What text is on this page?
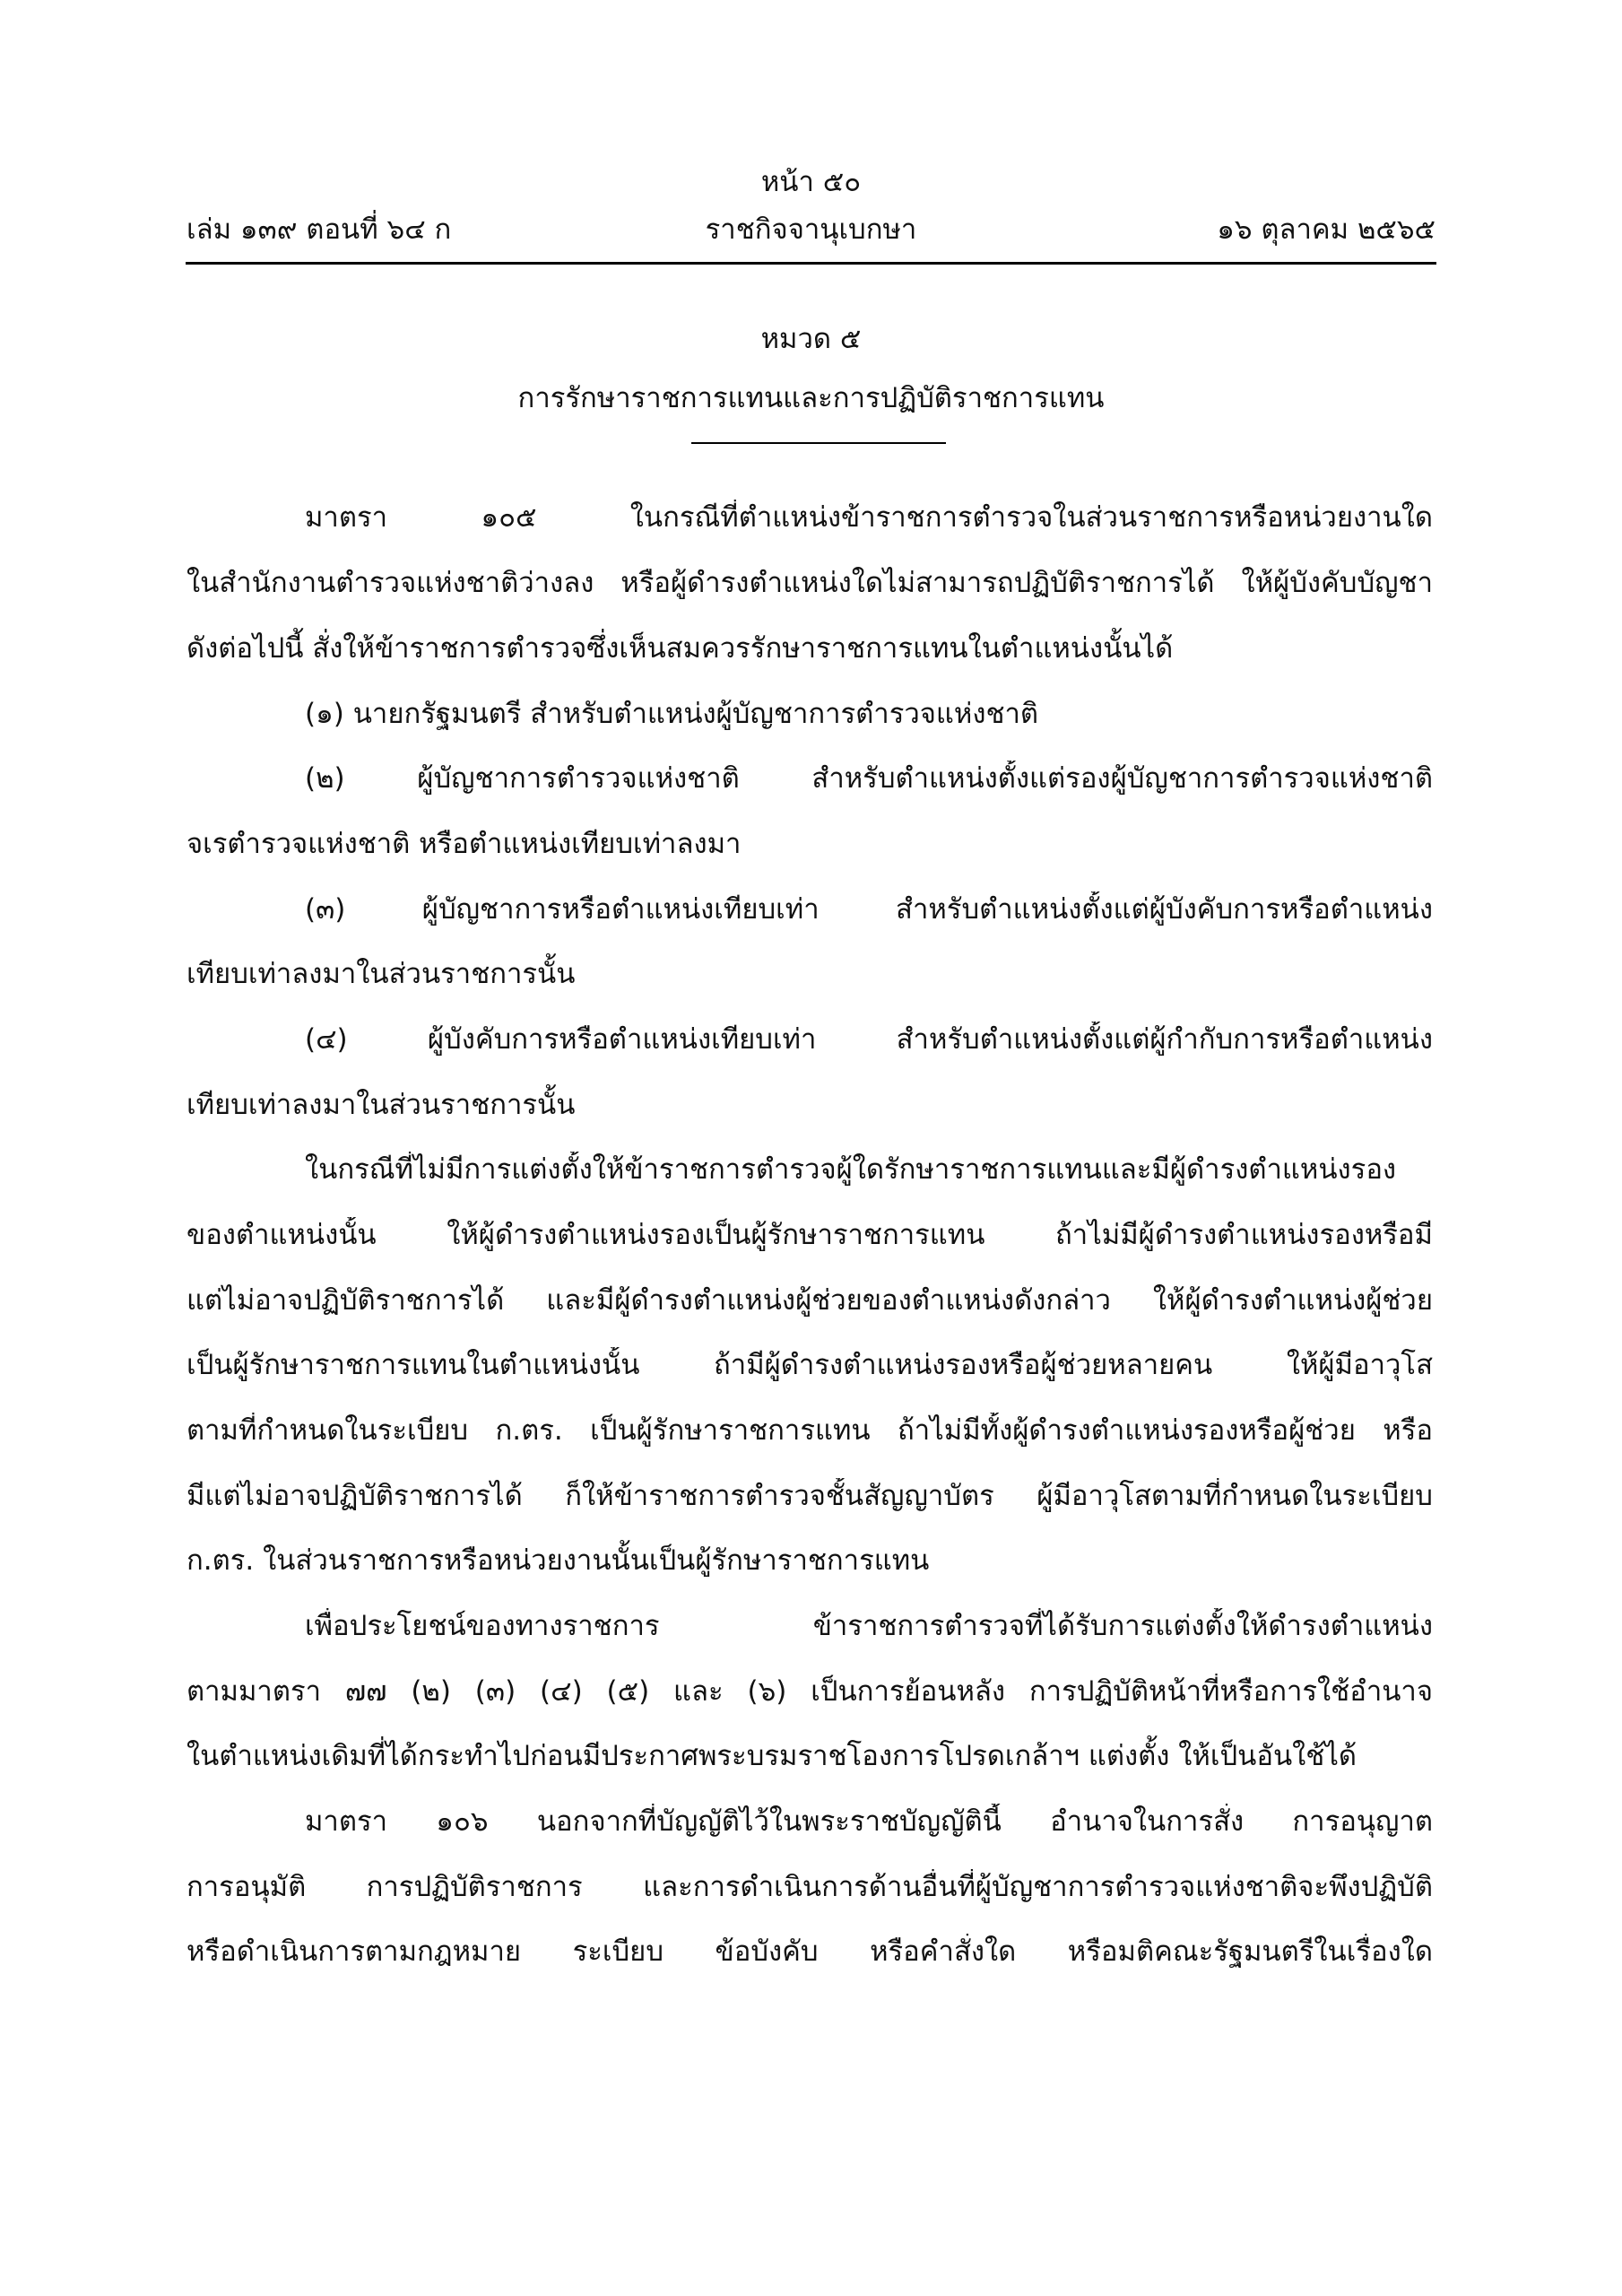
หน้า ๕๐
เล่ม ๑๓๙ ตอนที่ ๖๔ ก	ราชกิจจานุเบกษา	๑๖ ตุลาคม ๒๕๖๕
หมวด ๕
การรักษาราชการแทนและการปฏิบัติราชการแทน
มาตรา ๑๐๕ ในกรณีที่ตำแหน่งข้าราชการตำรวจในส่วนราชการหรือหน่วยงานใด
ในสำนักงานตำรวจแห่งชาติว่างลง หรือผู้ดำรงตำแหน่งใดไม่สามารถปฏิบัติราชการได้ ให้ผู้บังคับบัญชา
ดังต่อไปนี้ สั่งให้ข้าราชการตำรวจซึ่งเห็นสมควรรักษาราชการแทนในตำแหน่งนั้นได้
(๑) นายกรัฐมนตรี สำหรับตำแหน่งผู้บัญชาการตำรวจแห่งชาติ
(๒) ผู้บัญชาการตำรวจแห่งชาติ สำหรับตำแหน่งตั้งแต่รองผู้บัญชาการตำรวจแห่งชาติ
จเรตำรวจแห่งชาติ หรือตำแหน่งเทียบเท่าลงมา
(๓) ผู้บัญชาการหรือตำแหน่งเทียบเท่า สำหรับตำแหน่งตั้งแต่ผู้บังคับการหรือตำแหน่ง
เทียบเท่าลงมาในส่วนราชการนั้น
(๔) ผู้บังคับการหรือตำแหน่งเทียบเท่า สำหรับตำแหน่งตั้งแต่ผู้กำกับการหรือตำแหน่ง
เทียบเท่าลงมาในส่วนราชการนั้น
ในกรณีที่ไม่มีการแต่งตั้งให้ข้าราชการตำรวจผู้ใดรักษาราชการแทนและมีผู้ดำรงตำแหน่งรอง
ของตำแหน่งนั้น ให้ผู้ดำรงตำแหน่งรองเป็นผู้รักษาราชการแทน ถ้าไม่มีผู้ดำรงตำแหน่งรองหรือมี
แต่ไม่อาจปฏิบัติราชการได้ และมีผู้ดำรงตำแหน่งผู้ช่วยของตำแหน่งดังกล่าว ให้ผู้ดำรงตำแหน่งผู้ช่วย
เป็นผู้รักษาราชการแทนในตำแหน่งนั้น ถ้ามีผู้ดำรงตำแหน่งรองหรือผู้ช่วยหลายคน ให้ผู้มีอาวุโส
ตามที่กำหนดในระเบียบ ก.ตร. เป็นผู้รักษาราชการแทน ถ้าไม่มีทั้งผู้ดำรงตำแหน่งรองหรือผู้ช่วย หรือ
มีแต่ไม่อาจปฏิบัติราชการได้ ก็ให้ข้าราชการตำรวจชั้นสัญญาบัตร ผู้มีอาวุโสตามที่กำหนดในระเบียบ
ก.ตร. ในส่วนราชการหรือหน่วยงานนั้นเป็นผู้รักษาราชการแทน
เพื่อประโยชน์ของทางราชการ ข้าราชการตำรวจที่ได้รับการแต่งตั้งให้ดำรงตำแหน่ง
ตามมาตรา ๗๗ (๒) (๓) (๔) (๕) และ (๖) เป็นการย้อนหลัง การปฏิบัติหน้าที่หรือการใช้อำนาจ
ในตำแหน่งเดิมที่ได้กระทำไปก่อนมีประกาศพระบรมราชโองการโปรดเกล้าฯ แต่งตั้ง ให้เป็นอันใช้ได้
มาตรา ๑๐๖ นอกจากที่บัญญัติไว้ในพระราชบัญญัตินี้ อำนาจในการสั่ง การอนุญาต
การอนุมัติ การปฏิบัติราชการ และการดำเนินการด้านอื่นที่ผู้บัญชาการตำรวจแห่งชาติจะพึงปฏิบัติ
หรือดำเนินการตามกฎหมาย ระเบียบ ข้อบังคับ หรือคำสั่งใด หรือมติคณะรัฐมนตรีในเรื่องใด
